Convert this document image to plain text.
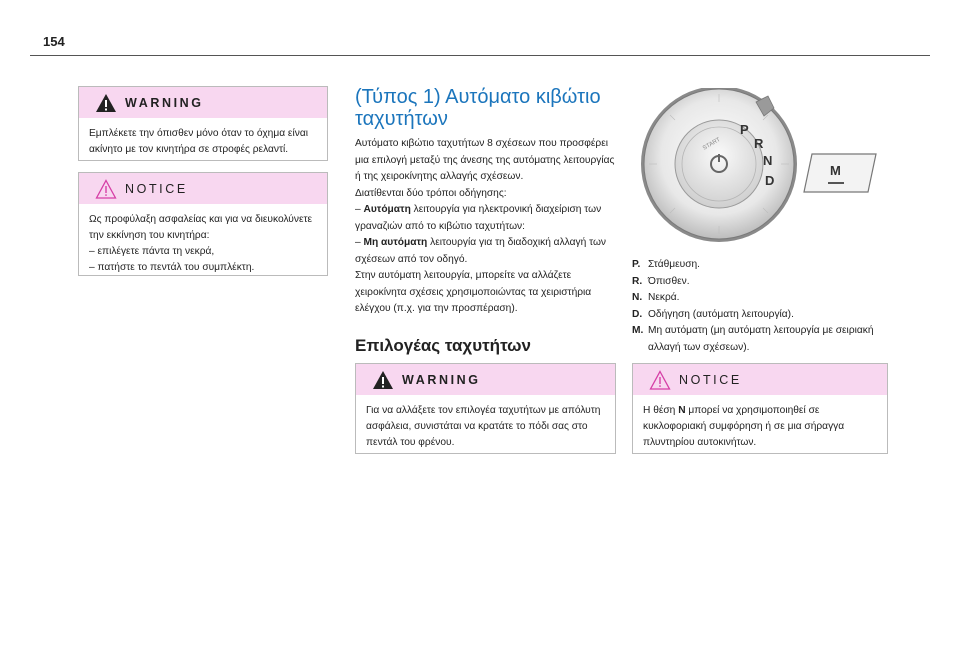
154
WARNING

Εμπλέκετε την όπισθεν μόνο όταν το όχημα είναι ακίνητο με τον κινητήρα σε στροφές ρελαντί.

NOTICE

Ως προφύλαξη ασφαλείας και για να διευκολύνετε την εκκίνηση του κινητήρα:

– επιλέγετε πάντα τη νεκρά,
– πατήστε το πεντάλ του συμπλέκτη.
(Τύπος 1) Αυτόματο κιβώτιο ταχυτήτων

Αυτόματο κιβώτιο ταχυτήτων 8 σχέσεων που προσφέρει μια επιλογή μεταξύ της άνεσης της αυτόματης λειτουργίας ή της χειροκίνητης αλλαγής σχέσεων.

Διατίθενται δύο τρόποι οδήγησης:

– Αυτόματη λειτουργία για ηλεκτρονική διαχείριση των γραναζιών από το κιβώτιο ταχυτήτων:

– Μη αυτόματη λειτουργία για τη διαδοχική αλλαγή των σχέσεων από τον οδηγό.

Στην αυτόματη λειτουργία, μπορείτε να αλλάζετε χειροκίνητα σχέσεις χρησιμοποιώντας τα χειριστήρια ελέγχου (π.χ. για την προσπέραση).

Επιλογέας ταχυτήτων
WARNING

Για να αλλάξετε τον επιλογέα ταχυτήτων με απόλυτη ασφάλεια, συνιστάται να κρατάτε το πόδι σας στο πεντάλ του φρένου.

START
P
R
N
D
M
P. Στάθμευση.
R. Όπισθεν.
N. Νεκρά.
D. Οδήγηση (αυτόματη λειτουργία).
M. Μη αυτόματη (μη αυτόματη λειτουργία με σειριακή αλλαγή των σχέσεων).
NOTICE

Η θέση N μπορεί να χρησιμοποιηθεί σε κυκλοφοριακή συμφόρηση ή σε μια σήραγγα πλυντηρίου αυτοκινήτων.
